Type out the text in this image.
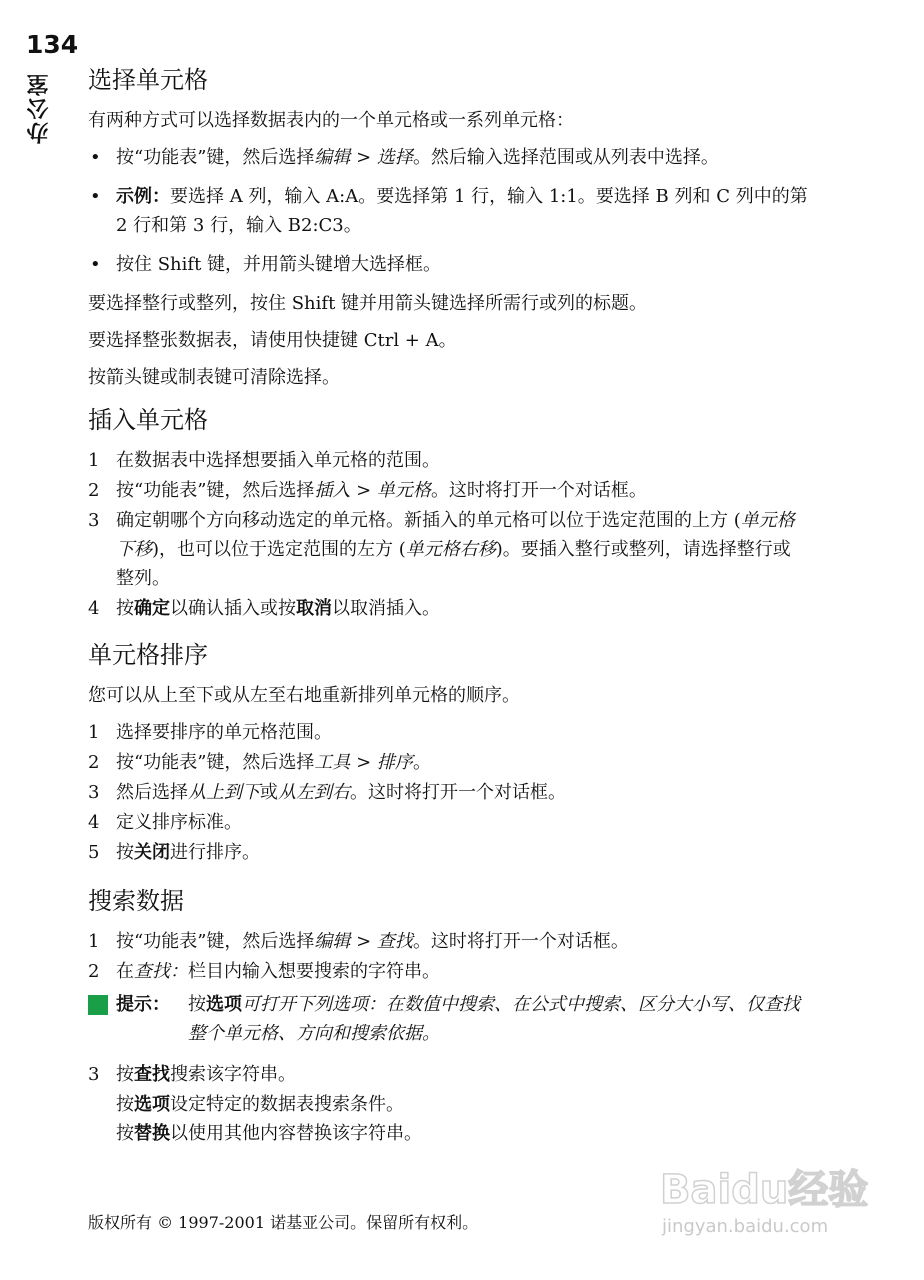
134
办公室 选择单元格

有两种方式可以选择数据表内的一个单元格或一系列单元格：

• 按“功能表”键，然后选择编辑 > 选择。然后输入选择范围或从列表中选择。
• 示例：要选择 A 列，输入 A:A。要选择第 1 行，输入 1:1。要选择 B 列和 C 列中的第 2 行和第 3 行，输入 B2:C3。
• 按住 Shift 键，并用箭头键增大选择框。

要选择整行或整列，按住 Shift 键并用箭头键选择所需行或列的标题。

要选择整张数据表，请使用快捷键 Ctrl + A。

按箭头键或制表键可清除选择。

插入单元格
1 在数据表中选择想要插入单元格的范围。
2 按“功能表”键，然后选择插入 > 单元格。这时将打开一个对话框。
3 确定朝哪个方向移动选定的单元格。新插入的单元格可以位于选定范围的上方 (单元格下移)，也可以位于选定范围的左方 (单元格右移)。要插入整行或整列，请选择整行或整列。
4 按确定以确认插入或按取消以取消插入。
单元格排序

您可以从上至下或从左至右地重新排列单元格的顺序。

1 选择要排序的单元格范围。
2 按“功能表”键，然后选择工具 > 排序。
3 然后选择从上到下或从左到右。这时将打开一个对话框。
4 定义排序标准。
5 按关闭进行排序。
搜索数据
1 按“功能表”键，然后选择编辑 > 查找。这时将打开一个对话框。
2 在查找：栏目内输入想要搜索的字符串。
提示： 按选项可打开下列选项：在数值中搜索、在公式中搜索、区分大小写、仅查找整个单元格、方向和搜索依据。
3 按查找搜索该字符串。

按选项设定特定的数据表搜索条件。

按替换以使用其他内容替换该字符串。

Baidu经验
jingyan.baidu.com
版权所有 © 1997-2001 诺基亚公司。保留所有权利。
